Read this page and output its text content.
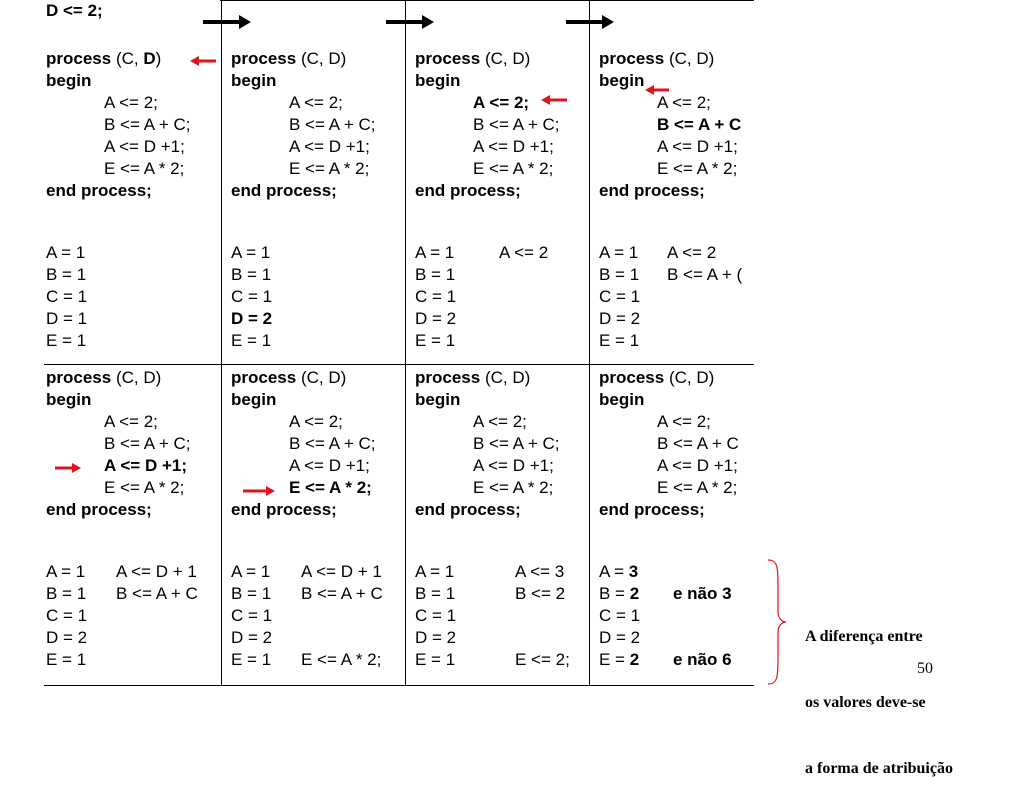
D <= 2;
process (C, D)
begin
A <= 2;
B <= A + C;
A <= D +1;
E <= A * 2;
end process;
A = 1
B = 1
C = 1
D = 1
E = 1
process (C, D)
begin
A <= 2;
B <= A + C;
A <= D +1;
E <= A * 2;
end process;
A = 1
B = 1
C = 1
D = 2
E = 1
process (C, D)
begin
A <= 2;
B <= A + C;
A <= D +1;
E <= A * 2;
end process;
A = 1
B = 1
C = 1
D = 2
E = 1
A <= 2
process (C, D)
begin
A <= 2;
B <= A + C
A <= D +1;
E <= A * 2;
end process;
A = 1
B = 1
C = 1
D = 2
E = 1
A <= 2
B <= A + (
process (C, D)
begin
A <= 2;
B <= A + C;
A <= D +1;
E <= A * 2;
end process;
A = 1
B = 1
C = 1
D = 2
E = 1
A <= D + 1
B <= A + C
process (C, D)
begin
A <= 2;
B <= A + C;
A <= D +1;
E <= A * 2;
end process;
A = 1
B = 1
C = 1
D = 2
E = 1
A <= D + 1
B <= A + C
E <= A * 2;
process (C, D)
begin
A <= 2;
B <= A + C;
A <= D +1;
E <= A * 2;
end process;
A = 1
B = 1
C = 1
D = 2
E = 1
A <= 3
B <= 2
E <= 2;
process (C, D)
begin
A <= 2;
B <= A + C
A <= D +1;
E <= A * 2;
end process;
A = 3
B = 2
C = 1
D = 2
E = 2
e não 3
e não 6

A diferença entre

os valores deve-se

a forma de atribuição

50
